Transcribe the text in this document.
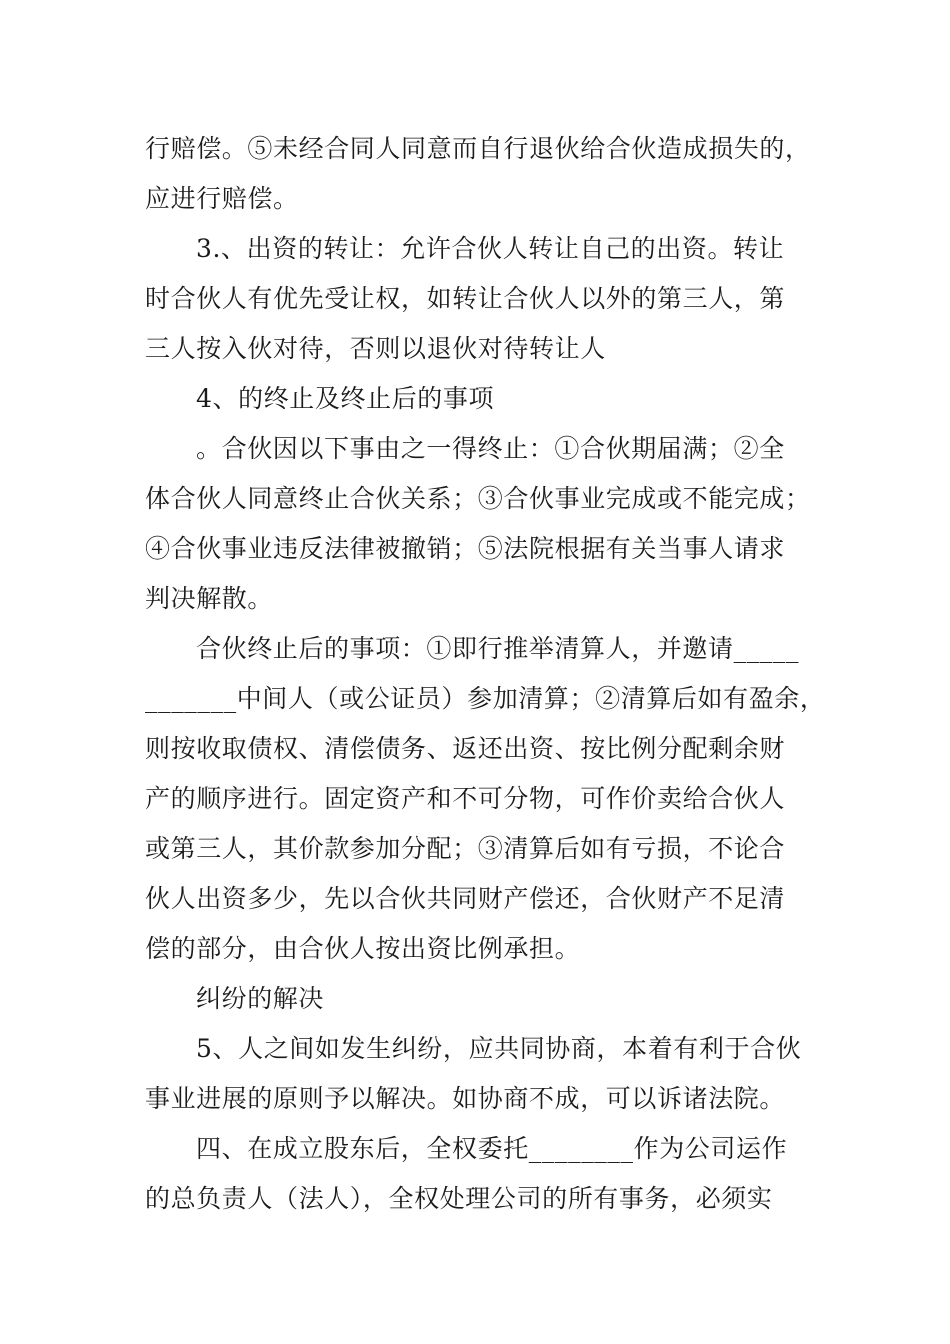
行赔偿。⑤未经合同人同意而自行退伙给合伙造成损失的，
应进行赔偿。
3.、出资的转让：允许合伙人转让自己的出资。转让
时合伙人有优先受让权，如转让合伙人以外的第三人，第
三人按入伙对待，否则以退伙对待转让人
4、的终止及终止后的事项
。合伙因以下事由之一得终止：①合伙期届满；②全
体合伙人同意终止合伙关系；③合伙事业完成或不能完成；
④合伙事业违反法律被撤销；⑤法院根据有关当事人请求
判决解散。
合伙终止后的事项：①即行推举清算人，并邀请_____
_______中间人（或公证员）参加清算；②清算后如有盈余，
则按收取债权、清偿债务、返还出资、按比例分配剩余财
产的顺序进行。固定资产和不可分物，可作价卖给合伙人
或第三人，其价款参加分配；③清算后如有亏损，不论合
伙人出资多少，先以合伙共同财产偿还，合伙财产不足清
偿的部分，由合伙人按出资比例承担。
纠纷的解决
5、人之间如发生纠纷，应共同协商，本着有利于合伙
事业进展的原则予以解决。如协商不成，可以诉诸法院。
四、在成立股东后，全权委托________作为公司运作
的总负责人（法人），全权处理公司的所有事务，必须实
